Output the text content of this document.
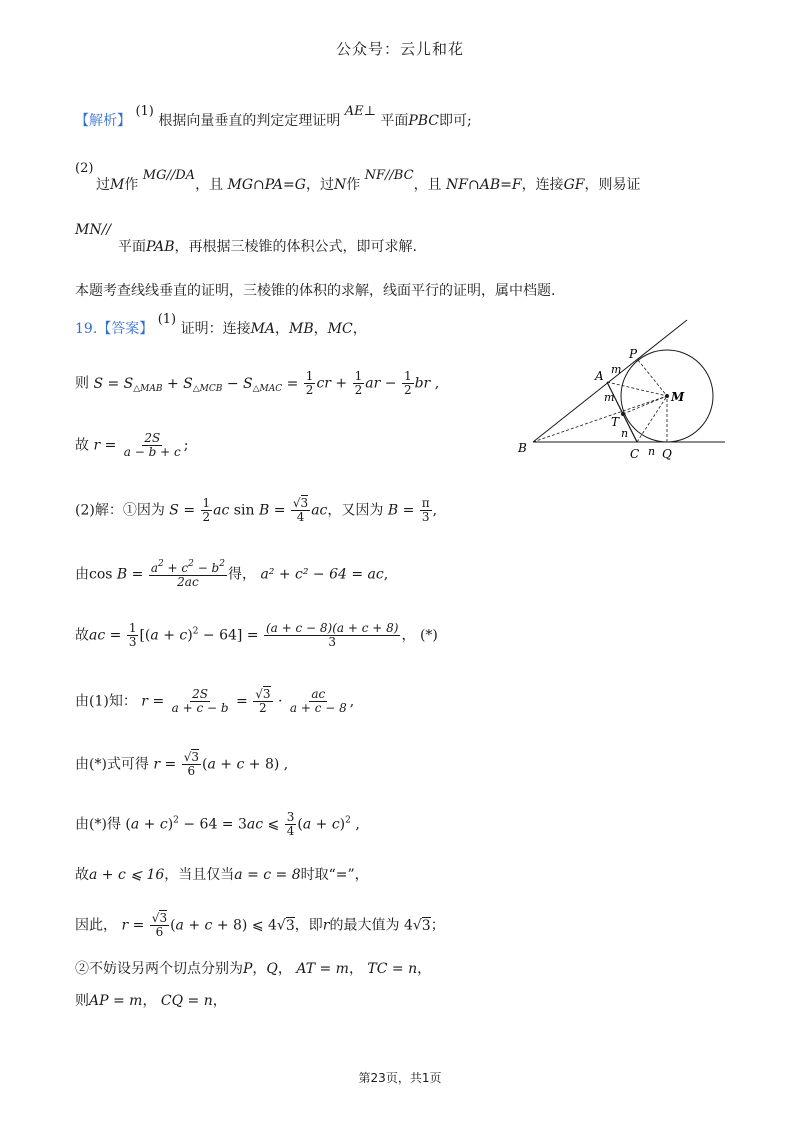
公众号：云儿和花
【解析】 (1) 根据向量垂直的判定定理证明 AE⊥ 平面PBC即可;
(2)
过M作 MG//DA，且 MG∩PA=G，过N作 NF//BC，且 NF∩AB=F，连接GF，则易证
MN//
平面PAB，再根据三棱锥的体积公式，即可求解.
本题考查线线垂直的证明，三棱锥的体积的求解，线面平行的证明，属中档题.
19.【答案】 (1) 证明：连接MA，MB，MC，
则 $S = S_{\triangle MAB} + S_{\triangle MCB} - S_{\triangle MAC} = \frac{1}{2}$ cr + $\frac{1}{2}$ ar − $\frac{1}{2}$ br ,
故 $r = \frac{2S}{a - b + c}$ ;
(2)解：①因为 $S = \frac{1}{2}$ ac $\sin B = \frac{√3}{4}$ ac，又因为 $B = \frac{\pi}{3}$ ,
由$\cos B = \frac{a^2 + c^2 - b^2}{2ac}$ 得， a² + c² − 64 = ac,
故ac = $\frac{1}{3} [(a + c)^2 - 64] = \frac{(a + c - 8)(a + c + 8)}{3}$ ， (*)
由(1)知： $r = \frac{2S}{a + c - b} = \frac{√3}{2} \cdot \frac{ac}{a + c - 8}$ ,
由(*)式可得 $r = \frac{√3}{6} (a + c + 8)$ ,
由(*)得 $(a + c)^2 - 64 = 3ac$ ⩽ $\frac{3}{4} (a + c)^2$ ,
故a + c ⩽ 16，当且仅当a = c = 8时取“=”，
因此， $r = \frac{√3}{6} (a + c + 8)$ ⩽ 4√3，即r的最大值为 4√3；
②不妨设另两个切点分别为P，Q， AT = m， TC = n，
则AP = m， CQ = n，
P
A
M
T
B	C Q
m
m
n
n
第23页，共1页
